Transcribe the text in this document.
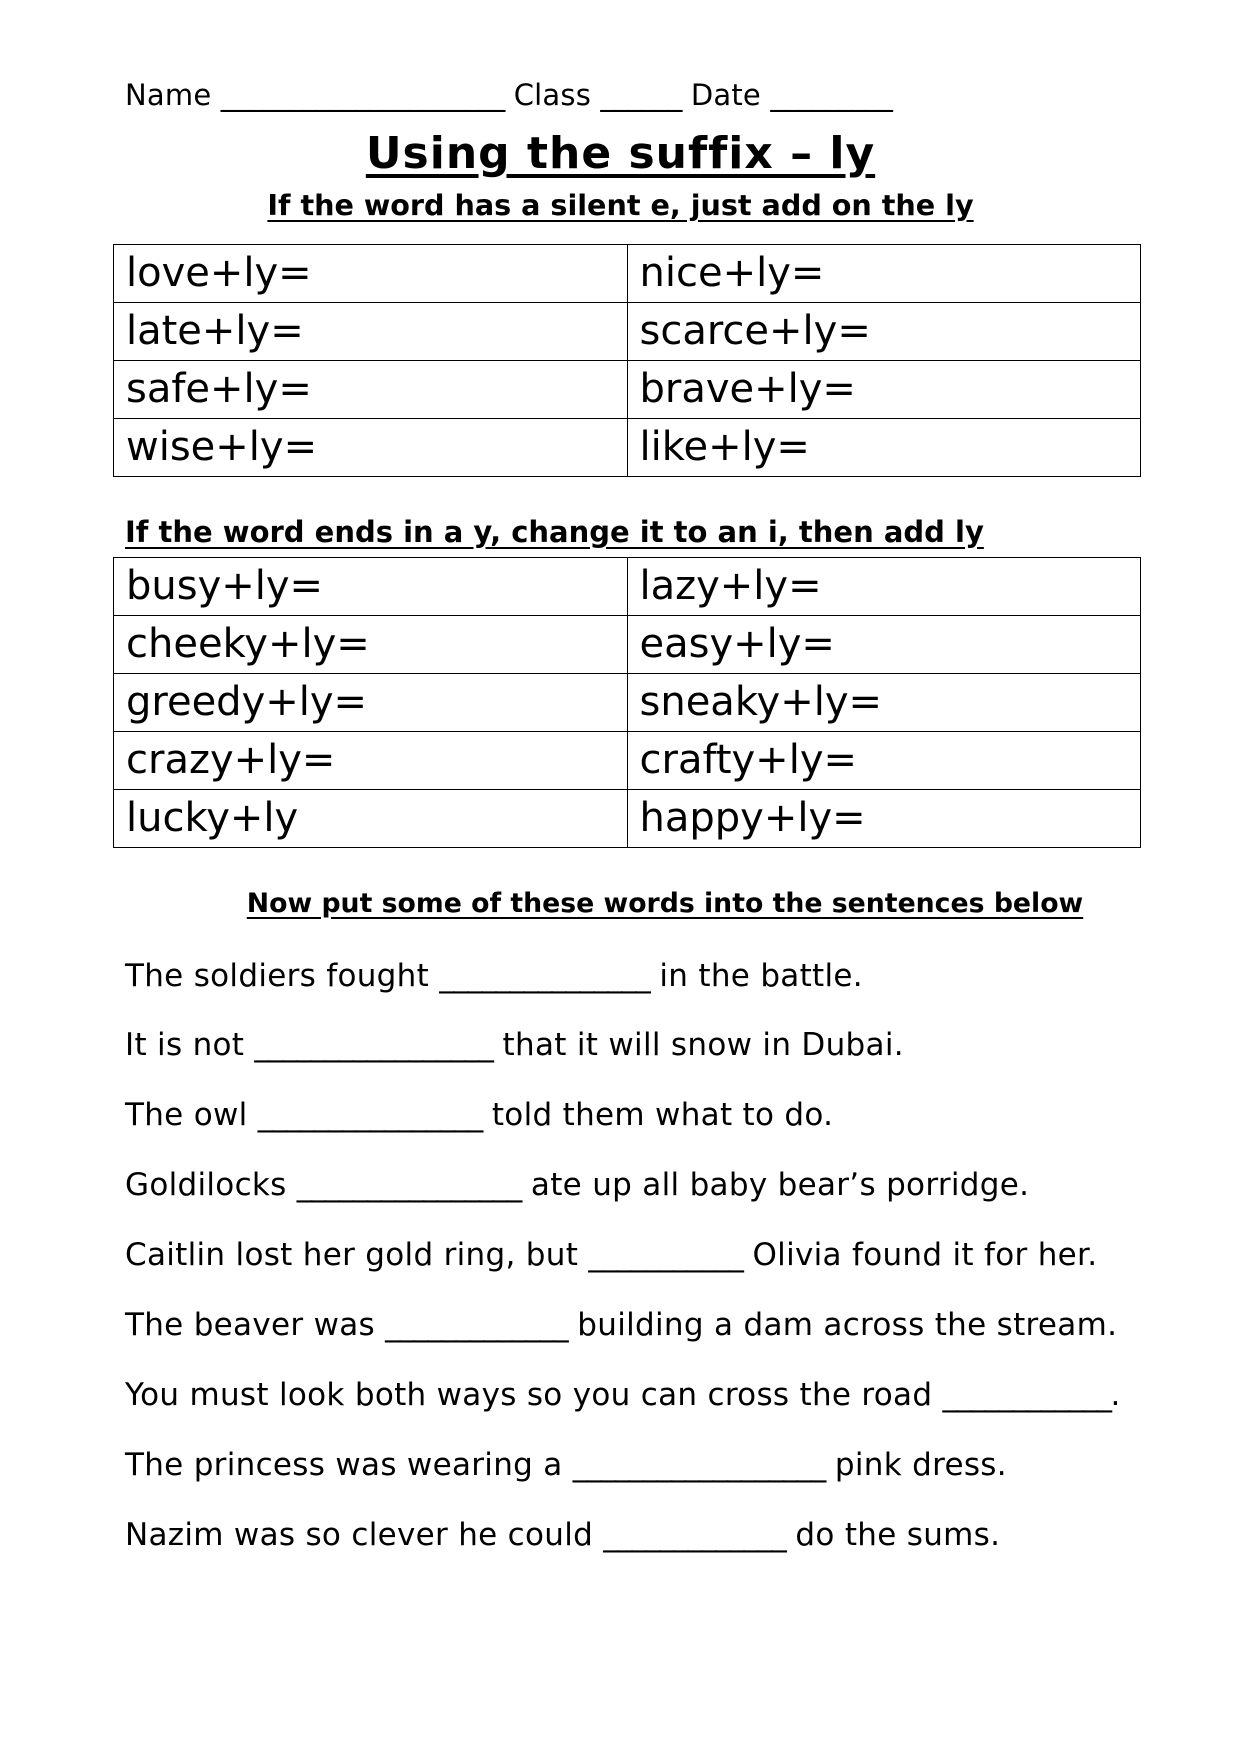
Name _____________________ Class ______ Date _________
Using the suffix – ly
If the word has a silent e, just add on the ly
love+ly=	nice+ly=
late+ly=	scarce+ly=
safe+ly=	brave+ly=
wise+ly=	like+ly=
If the word ends in a y, change it to an i, then add ly
busy+ly=	lazy+ly=
cheeky+ly=	easy+ly=
greedy+ly=	sneaky+ly=
crazy+ly=	crafty+ly=
lucky+ly	happy+ly=
Now put some of these words into the sentences below
The soldiers fought _______________ in the battle.
It is not _________________ that it will snow in Dubai.
The owl ________________ told them what to do.
Goldilocks ________________ ate up all baby bear’s porridge.
Caitlin lost her gold ring, but ___________ Olivia found it for her.
The beaver was _____________ building a dam across the stream.
You must look both ways so you can cross the road ____________.
The princess was wearing a __________________ pink dress.
Nazim was so clever he could _____________ do the sums.
